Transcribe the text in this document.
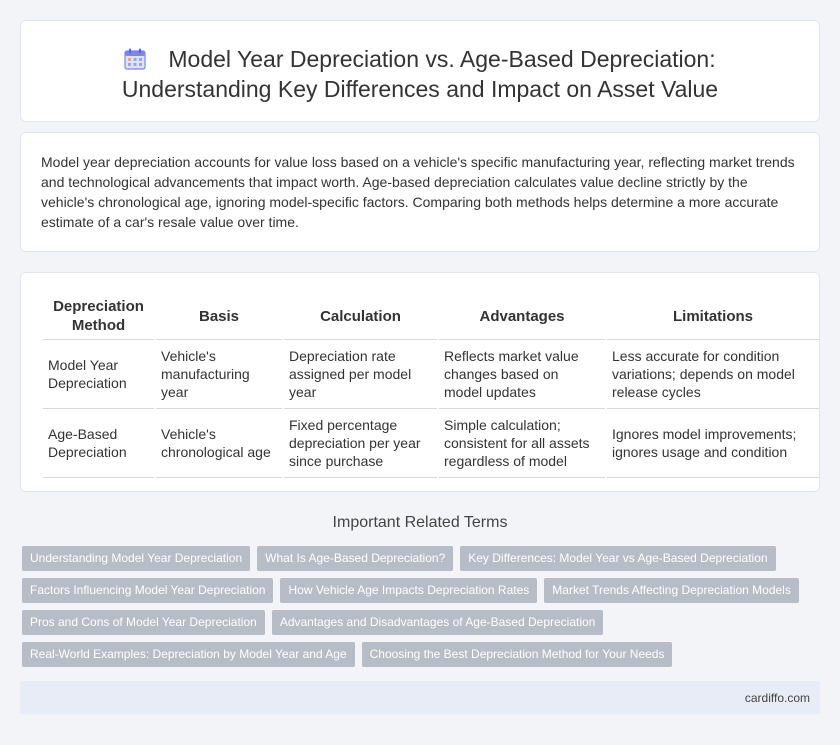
Model Year Depreciation vs. Age-Based Depreciation:
Understanding Key Differences and Impact on Asset Value

Model year depreciation accounts for value loss based on a vehicle's specific manufacturing year, reflecting market trends and technological advancements that impact worth. Age-based depreciation calculates value decline strictly by the vehicle's chronological age, ignoring model-specific factors. Comparing both methods helps determine a more accurate estimate of a car's resale value over time.

Depreciation Method	Basis	Calculation	Advantages	Limitations
Model Year Depreciation	Vehicle's manufacturing year	Depreciation rate assigned per model year	Reflects market value changes based on model updates	Less accurate for condition variations; depends on model release cycles
Age-Based Depreciation	Vehicle's chronological age	Fixed percentage depreciation per year since purchase	Simple calculation; consistent for all assets regardless of model	Ignores model improvements; ignores usage and condition
Important Related Terms
Understanding Model Year Depreciation	What Is Age-Based Depreciation?	Key Differences: Model Year vs Age-Based Depreciation
Factors Influencing Model Year Depreciation	How Vehicle Age Impacts Depreciation Rates	Market Trends Affecting Depreciation Models
Pros and Cons of Model Year Depreciation	Advantages and Disadvantages of Age-Based Depreciation
Real-World Examples: Depreciation by Model Year and Age	Choosing the Best Depreciation Method for Your Needs
cardiffo.com
